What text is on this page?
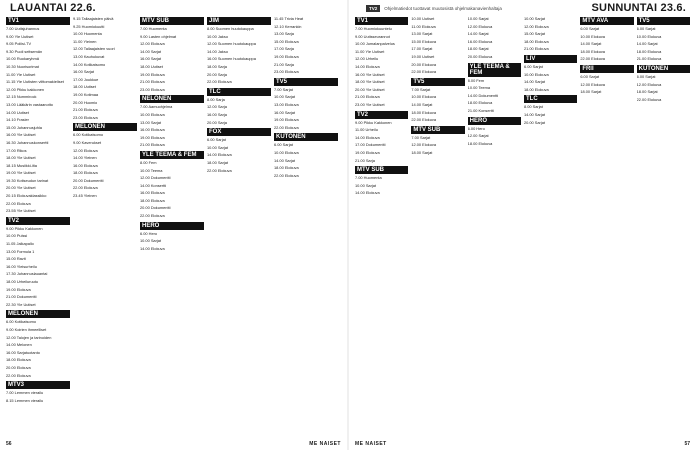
LAUANTAI 22.6.	TV2	Ohjelmatiedot tuottavat muutosistä ohjelmakanavienhaltaja	SUNNUNTAI 23.6.
TV1
7.00 Uutisjuhannus
9.00 Yle Uutiset
9.05 Poliisi-TV
9.30 Puoli seitsemän
10.00 Ruokaryhmä
10.30 Nuorisorimat
11.00 Yle Uutiset
11.15 Yle Uutisten viittomakieliset
12.00 Pikku kakkonen
12.15 Nummirock
13.00 Lääkärin vastaanotto
14.00 Uutiset
14.10 Frasier
15.00 Juhannusjuhla
16.00 Yle Uutiset
16.30 Juhannuskonsertti
17.00 Rikos
18.00 Yle Uutiset
18.15 Musiikki-ilta
19.00 Yle Uutiset
19.30 Kotiseudun tarinat
20.00 Yle Uutiset
20.15 Elokuvaklassikko
22.00 Elokuva
23.55 Yle Uutiset
TV2
9.00 Pikku Kakkonen
10.00 Pulssi
11.05 Jalkapallo
13.00 Formula 1
15.00 Ravit
16.00 Yleisurheilu
17.30 Juhannuslauantai
18.00 Urheiluruutu
19.00 Elokuva
21.00 Dokumentti
22.30 Yle Uutiset
MELONEN
6.00 Kotikatsomo
9.00 Koirien ihmeelliset
12.00 Talojen ja tarinoiden
14.00 Melonen
16.00 Sarjatuotanto
18.00 Elokuva
20.00 Elokuva
22.00 Elokuva
MTV3
7.00 Lemmen vierailu
8.15 Lemmen vierailu
9.15 Tallaajaisten päivä
9.25 Huomiokuutti
10.00 Huomenta
11.00 Yleinen
12.00 Tallaajaisten vuori
13.00 Kauhukuvat
14.00 Kotikatsomo
16.00 Sarjat
17.00 Joukkue
18.00 Uutiset
19.00 Kotimaa
20.00 Huomio
21.00 Elokuva
23.00 Elokuva
MELONEN
6.00 Kotikatsomo
9.00 Kaverukset
12.00 Elokuva
14.00 Yleinen
16.00 Elokuva
18.00 Elokuva
20.00 Dokumentti
22.00 Elokuva
23.45 Yleinen
MTV SUB
7.00 Huomenta
9.00 Lasten ohjelmat
12.00 Elokuva
14.00 Sarjat
16.00 Sarjat
18.00 Uutiset
19.00 Elokuva
21.00 Elokuva
23.00 Elokuva
NELONEN
7.00 Aamuohjelma
10.00 Elokuva
13.00 Sarjat
16.00 Elokuva
19.00 Elokuva
21.00 Elokuva
YLE TEEMA & FEM
8.00 Fem
10.00 Teema
12.00 Dokumentti
14.00 Konsertti
16.00 Elokuva
18.00 Elokuva
20.00 Dokumentti
22.00 Elokuva
HERO
6.00 Hero
10.00 Sarjat
14.00 Elokuva
JIM
8.00 Suomen huutokauppa
10.00 Jakso
12.00 Suomen huutokauppa
14.00 Jakso
16.00 Suomen huutokauppa
18.00 Sarja
20.00 Sarja
22.00 Elokuva
TLC
8.00 Sarja
12.00 Sarja
16.00 Sarja
20.00 Sarja
FOX
6.00 Sarjat
10.00 Sarjat
14.00 Elokuva
18.00 Sarjat
22.00 Elokuva
11.45 Trivia Heat
12.10 Kerrankin
13.00 Sarja
15.00 Elokuva
17.00 Sarja
19.00 Elokuva
21.00 Sarja
23.00 Elokuva
TV5
7.00 Sarjat
10.00 Sarjat
13.00 Elokuva
16.00 Sarjat
19.00 Elokuva
22.00 Elokuva
KUTONEN
6.00 Sarjat
10.00 Elokuva
14.00 Sarjat
18.00 Elokuva
22.00 Elokuva
TV1
7.00 Huomiokuuntelu
9.00 Uutisseurannot
10.00 Jumalanpalvelus
11.00 Yle Uutiset
12.00 Urheilu
14.00 Elokuva
16.00 Yle Uutiset
18.00 Yle Uutiset
20.00 Yle Uutiset
21.00 Elokuva
23.00 Yle Uutiset
TV2
9.00 Pikku Kakkonen
11.00 Urheilu
14.00 Elokuva
17.00 Dokumentti
19.00 Elokuva
21.00 Sarja
MTV SUB
7.00 Huomenta
10.00 Sarjat
14.00 Elokuva
10.00 Uutiset
11.00 Elokuva
13.00 Sarjat
15.00 Elokuva
17.00 Sarjat
19.00 Uutiset
20.00 Elokuva
22.00 Elokuva
TV5
7.00 Sarjat
10.00 Elokuva
14.00 Sarjat
18.00 Elokuva
22.00 Elokuva
MTV SUB
7.00 Sarjat
12.00 Elokuva
18.00 Sarjat
10.00 Sarjat
12.00 Elokuva
14.00 Sarjat
16.00 Elokuva
18.00 Sarjat
20.00 Elokuva
YLE TEEMA & FEM
8.00 Fem
10.00 Teema
14.00 Dokumentti
18.00 Elokuva
21.00 Konsertti
HERO
6.00 Hero
12.00 Sarjat
18.00 Elokuva
10.00 Sarjat
12.00 Elokuva
15.00 Sarjat
18.00 Elokuva
21.00 Elokuva
LIV
6.00 Sarjat
10.00 Elokuva
14.00 Sarjat
18.00 Elokuva
TLC
8.00 Sarjat
14.00 Sarjat
20.00 Sarjat
MTV AVA
6.00 Sarjat
10.00 Elokuva
14.00 Sarjat
18.00 Elokuva
22.00 Elokuva
FRII
6.00 Sarjat
12.00 Elokuva
18.00 Sarjat
TV5
6.00 Sarjat
10.00 Elokuva
14.00 Sarjat
18.00 Elokuva
21.00 Elokuva
KUTONEN
6.00 Sarjat
12.00 Elokuva
18.00 Sarjat
22.00 Elokuva
56	ME NAISET	ME NAISET	57
